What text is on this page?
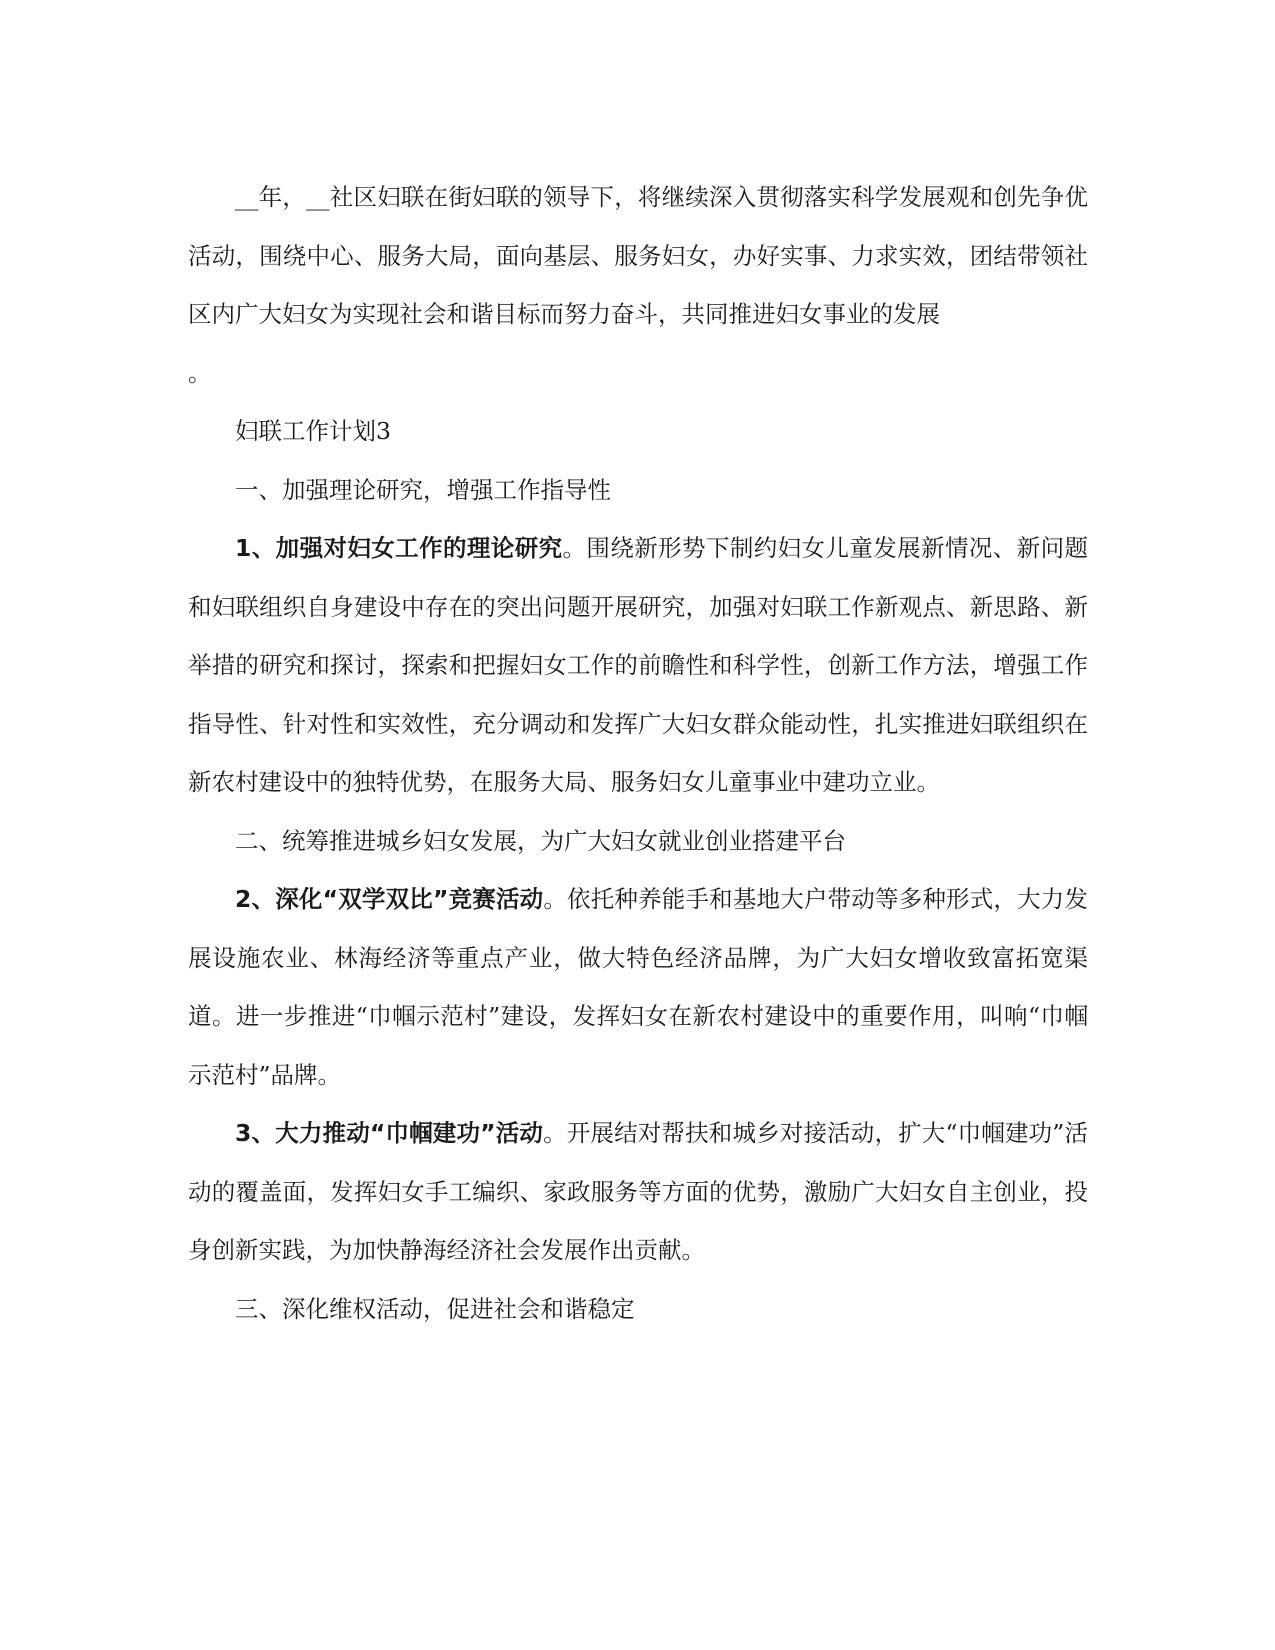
__年，__社区妇联在街妇联的领导下，将继续深入贯彻落实科学发展观和创先争优活动，围绕中心、服务大局，面向基层、服务妇女，办好实事、力求实效，团结带领社区内广大妇女为实现社会和谐目标而努力奋斗，共同推进妇女事业的发展

。

妇联工作计划3

一、加强理论研究，增强工作指导性

1、加强对妇女工作的理论研究。围绕新形势下制约妇女儿童发展新情况、新问题和妇联组织自身建设中存在的突出问题开展研究，加强对妇联工作新观点、新思路、新举措的研究和探讨，探索和把握妇女工作的前瞻性和科学性，创新工作方法，增强工作指导性、针对性和实效性，充分调动和发挥广大妇女群众能动性，扎实推进妇联组织在新农村建设中的独特优势，在服务大局、服务妇女儿童事业中建功立业。

二、统筹推进城乡妇女发展，为广大妇女就业创业搭建平台

2、深化“双学双比”竞赛活动。依托种养能手和基地大户带动等多种形式，大力发展设施农业、林海经济等重点产业，做大特色经济品牌，为广大妇女增收致富拓宽渠道。进一步推进“巾帼示范村”建设，发挥妇女在新农村建设中的重要作用，叫响“巾帼示范村”品牌。

3、大力推动“巾帼建功”活动。开展结对帮扶和城乡对接活动，扩大“巾帼建功”活动的覆盖面，发挥妇女手工编织、家政服务等方面的优势，激励广大妇女自主创业，投身创新实践，为加快静海经济社会发展作出贡献。

三、深化维权活动，促进社会和谐稳定
